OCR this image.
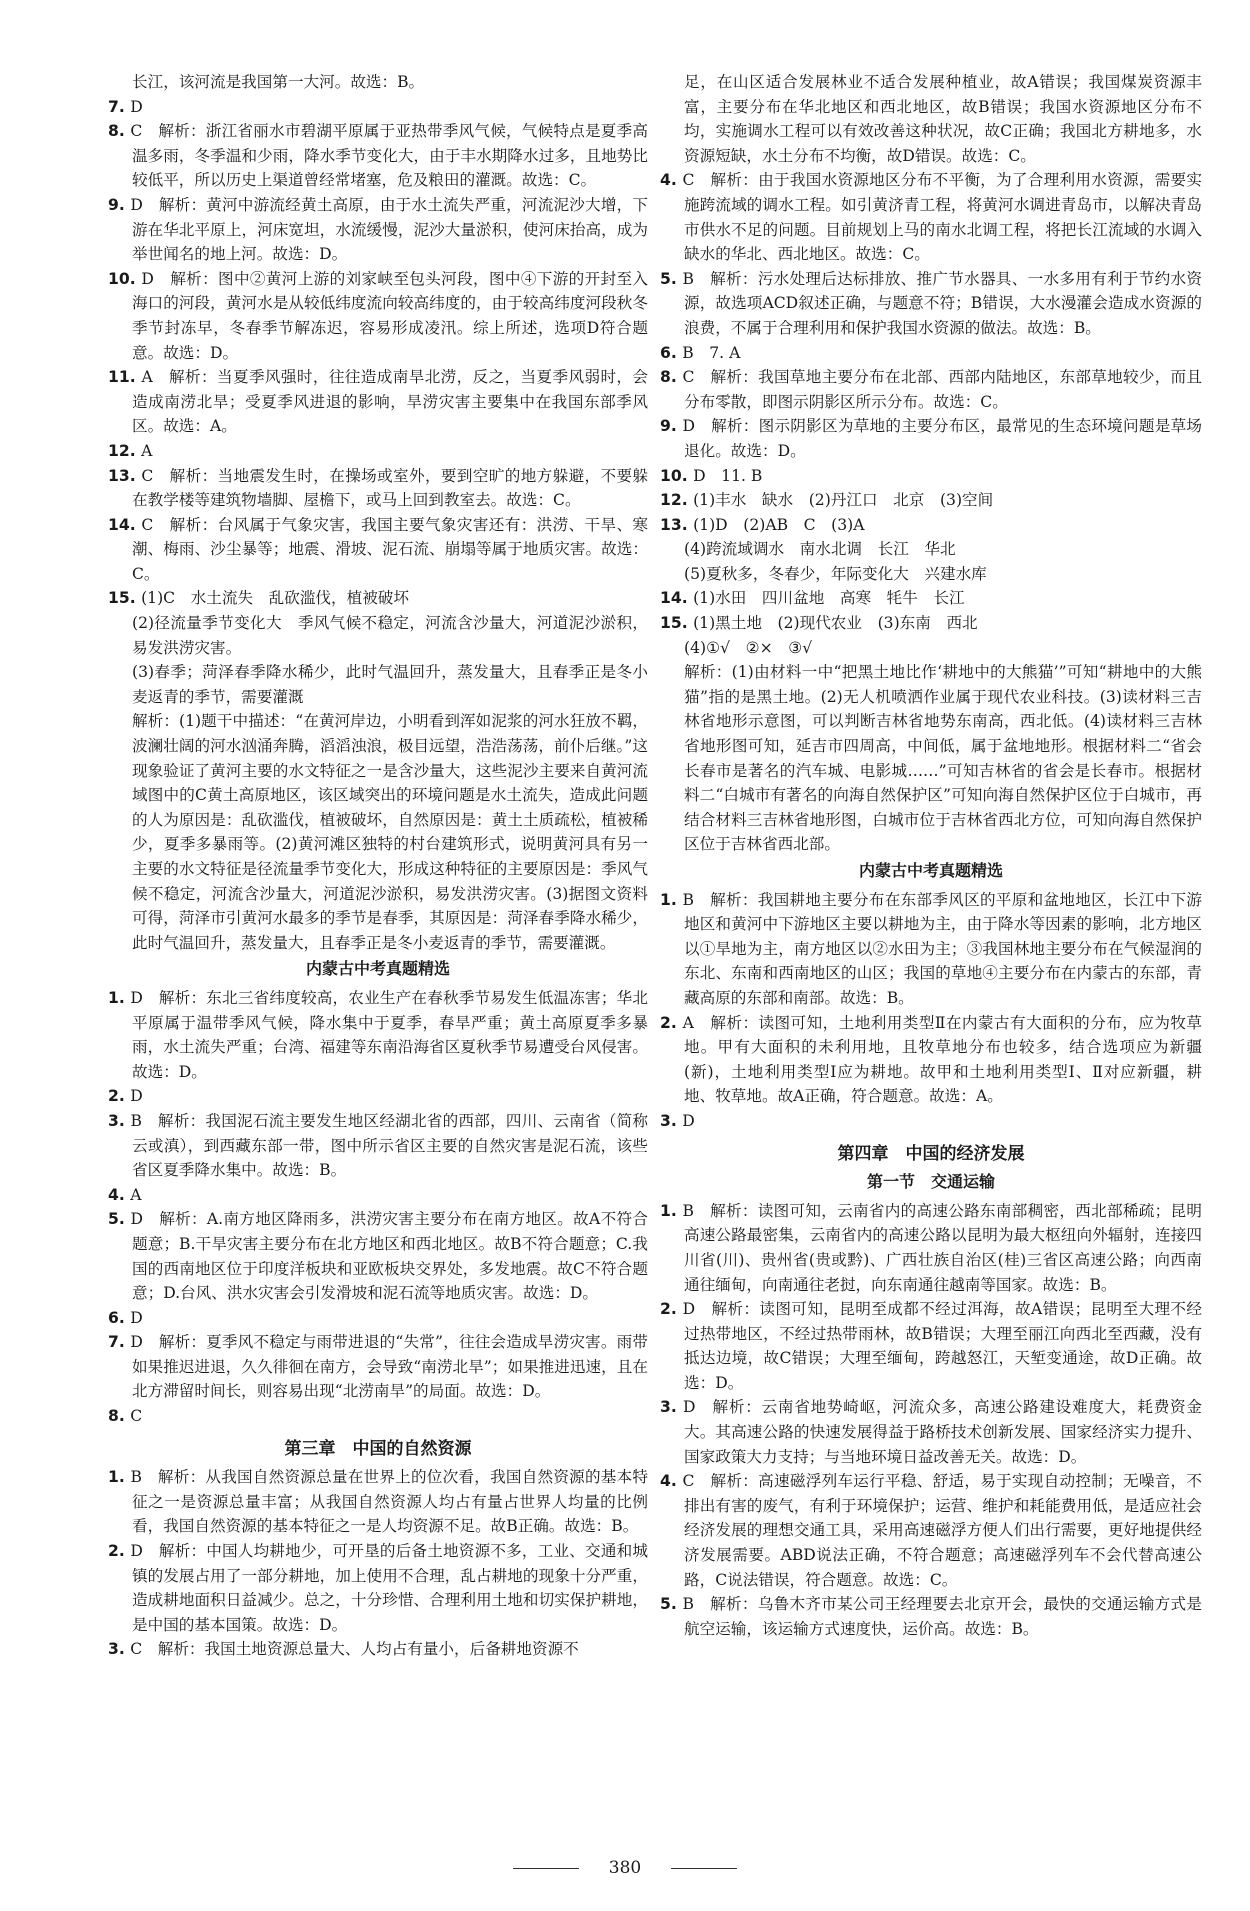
长江，该河流是我国第一大河。故选：B。

7. D

8. C　解析：浙江省丽水市碧湖平原属于亚热带季风气候，气候特点是夏季高温多雨，冬季温和少雨，降水季节变化大，由于丰水期降水过多，且地势比较低平，所以历史上渠道曾经常堵塞，危及粮田的灌溉。故选：C。

9. D　解析：黄河中游流经黄土高原，由于水土流失严重，河流泥沙大增，下游在华北平原上，河床宽坦，水流缓慢，泥沙大量淤积，使河床抬高，成为举世闻名的地上河。故选：D。

10. D　解析：图中②黄河上游的刘家峡至包头河段，图中④下游的开封至入海口的河段，黄河水是从较低纬度流向较高纬度的，由于较高纬度河段秋冬季节封冻早，冬春季节解冻迟，容易形成凌汛。综上所述，选项D符合题意。故选：D。

11. A　解析：当夏季风强时，往往造成南旱北涝，反之，当夏季风弱时，会造成南涝北旱；受夏季风进退的影响，旱涝灾害主要集中在我国东部季风区。故选：A。

12. A

13. C　解析：当地震发生时，在操场或室外，要到空旷的地方躲避，不要躲在教学楼等建筑物墙脚、屋檐下，或马上回到教室去。故选：C。

14. C　解析：台风属于气象灾害，我国主要气象灾害还有：洪涝、干旱、寒潮、梅雨、沙尘暴等；地震、滑坡、泥石流、崩塌等属于地质灾害。故选：C。

15. (1)C　水土流失　乱砍滥伐，植被破坏

(2)径流量季节变化大　季风气候不稳定，河流含沙量大，河道泥沙淤积，易发洪涝灾害。

(3)春季；菏泽春季降水稀少，此时气温回升，蒸发量大，且春季正是冬小麦返青的季节，需要灌溉

解析：(1)题干中描述：“在黄河岸边，小明看到浑如泥浆的河水狂放不羁，波澜壮阔的河水汹涌奔腾，滔滔浊浪，极目远望，浩浩荡荡，前仆后继。”这现象验证了黄河主要的水文特征之一是含沙量大，这些泥沙主要来自黄河流域图中的C黄土高原地区，该区域突出的环境问题是水土流失，造成此问题的人为原因是：乱砍滥伐，植被破坏，自然原因是：黄土土质疏松，植被稀少，夏季多暴雨等。(2)黄河滩区独特的村台建筑形式，说明黄河具有另一主要的水文特征是径流量季节变化大，形成这种特征的主要原因是：季风气候不稳定，河流含沙量大，河道泥沙淤积，易发洪涝灾害。(3)据图文资料可得，菏泽市引黄河水最多的季节是春季，其原因是：菏泽春季降水稀少，此时气温回升，蒸发量大，且春季正是冬小麦返青的季节，需要灌溉。

内蒙古中考真题精选

1. D　解析：东北三省纬度较高，农业生产在春秋季节易发生低温冻害；华北平原属于温带季风气候，降水集中于夏季，春旱严重；黄土高原夏季多暴雨，水土流失严重；台湾、福建等东南沿海省区夏秋季节易遭受台风侵害。故选：D。

2. D

3. B　解析：我国泥石流主要发生地区经湖北省的西部，四川、云南省（简称云或滇），到西藏东部一带，图中所示省区主要的自然灾害是泥石流，该些省区夏季降水集中。故选：B。

4. A

5. D　解析：A.南方地区降雨多，洪涝灾害主要分布在南方地区。故A不符合题意；B.干旱灾害主要分布在北方地区和西北地区。故B不符合题意；C.我国的西南地区位于印度洋板块和亚欧板块交界处，多发地震。故C不符合题意；D.台风、洪水灾害会引发滑坡和泥石流等地质灾害。故选：D。

6. D

7. D　解析：夏季风不稳定与雨带进退的“失常”，往往会造成旱涝灾害。雨带如果推迟进退，久久徘徊在南方，会导致“南涝北旱”；如果推进迅速，且在北方滞留时间长，则容易出现“北涝南旱”的局面。故选：D。

8. C

第三章　中国的自然资源

1. B　解析：从我国自然资源总量在世界上的位次看，我国自然资源的基本特征之一是资源总量丰富；从我国自然资源人均占有量占世界人均量的比例看，我国自然资源的基本特征之一是人均资源不足。故B正确。故选：B。

2. D　解析：中国人均耕地少，可开垦的后备土地资源不多，工业、交通和城镇的发展占用了一部分耕地，加上使用不合理，乱占耕地的现象十分严重，造成耕地面积日益减少。总之，十分珍惜、合理利用土地和切实保护耕地，是中国的基本国策。故选：D。

3. C　解析：我国土地资源总量大、人均占有量小，后备耕地资源不

足，在山区适合发展林业不适合发展种植业，故A错误；我国煤炭资源丰富，主要分布在华北地区和西北地区，故B错误；我国水资源地区分布不均，实施调水工程可以有效改善这种状况，故C正确；我国北方耕地多，水资源短缺，水土分布不均衡，故D错误。故选：C。

4. C　解析：由于我国水资源地区分布不平衡，为了合理利用水资源，需要实施跨流域的调水工程。如引黄济青工程，将黄河水调进青岛市，以解决青岛市供水不足的问题。目前规划上马的南水北调工程，将把长江流域的水调入缺水的华北、西北地区。故选：C。

5. B　解析：污水处理后达标排放、推广节水器具、一水多用有利于节约水资源，故选项ACD叙述正确，与题意不符；B错误，大水漫灌会造成水资源的浪费，不属于合理利用和保护我国水资源的做法。故选：B。

6. B　7. A

8. C　解析：我国草地主要分布在北部、西部内陆地区，东部草地较少，而且分布零散，即图示阴影区所示分布。故选：C。

9. D　解析：图示阴影区为草地的主要分布区，最常见的生态环境问题是草场退化。故选：D。

10. D　11. B

12. (1)丰水　缺水　(2)丹江口　北京　(3)空间

13. (1)D　(2)AB　C　(3)A

(4)跨流域调水　南水北调　长江　华北

(5)夏秋多，冬春少，年际变化大　兴建水库

14. (1)水田　四川盆地　高寒　牦牛　长江

15. (1)黑土地　(2)现代农业　(3)东南　西北

(4)①√　②×　③√

解析：(1)由材料一中“把黑土地比作‘耕地中的大熊猫’”可知“耕地中的大熊猫”指的是黑土地。(2)无人机喷洒作业属于现代农业科技。(3)读材料三吉林省地形示意图，可以判断吉林省地势东南高，西北低。(4)读材料三吉林省地形图可知，延吉市四周高，中间低，属于盆地地形。根据材料二“省会长春市是著名的汽车城、电影城……”可知吉林省的省会是长春市。根据材料二“白城市有著名的向海自然保护区”可知向海自然保护区位于白城市，再结合材料三吉林省地形图，白城市位于吉林省西北方位，可知向海自然保护区位于吉林省西北部。

内蒙古中考真题精选

1. B　解析：我国耕地主要分布在东部季风区的平原和盆地地区，长江中下游地区和黄河中下游地区主要以耕地为主，由于降水等因素的影响，北方地区以①旱地为主，南方地区以②水田为主；③我国林地主要分布在气候湿润的东北、东南和西南地区的山区；我国的草地④主要分布在内蒙古的东部，青藏高原的东部和南部。故选：B。

2. A　解析：读图可知，土地利用类型Ⅱ在内蒙古有大面积的分布，应为牧草地。甲有大面积的未利用地，且牧草地分布也较多，结合选项应为新疆(新)，土地利用类型Ⅰ应为耕地。故甲和土地利用类型Ⅰ、Ⅱ对应新疆，耕地、牧草地。故A正确，符合题意。故选：A。

3. D

第四章　中国的经济发展

第一节　交通运输

1. B　解析：读图可知，云南省内的高速公路东南部稠密，西北部稀疏；昆明高速公路最密集，云南省内的高速公路以昆明为最大枢纽向外辐射，连接四川省(川)、贵州省(贵或黔)、广西壮族自治区(桂)三省区高速公路；向西南通往缅甸，向南通往老挝，向东南通往越南等国家。故选：B。

2. D　解析：读图可知，昆明至成都不经过洱海，故A错误；昆明至大理不经过热带地区，不经过热带雨林，故B错误；大理至丽江向西北至西藏，没有抵达边境，故C错误；大理至缅甸，跨越怒江，天堑变通途，故D正确。故选：D。

3. D　解析：云南省地势崎岖，河流众多，高速公路建设难度大，耗费资金大。其高速公路的快速发展得益于路桥技术创新发展、国家经济实力提升、国家政策大力支持；与当地环境日益改善无关。故选：D。

4. C　解析：高速磁浮列车运行平稳、舒适，易于实现自动控制；无噪音，不排出有害的废气，有利于环境保护；运营、维护和耗能费用低，是适应社会经济发展的理想交通工具，采用高速磁浮方便人们出行需要，更好地提供经济发展需要。ABD说法正确，不符合题意；高速磁浮列车不会代替高速公路，C说法错误，符合题意。故选：C。

5. B　解析：乌鲁木齐市某公司王经理要去北京开会，最快的交通运输方式是航空运输，该运输方式速度快，运价高。故选：B。

380
